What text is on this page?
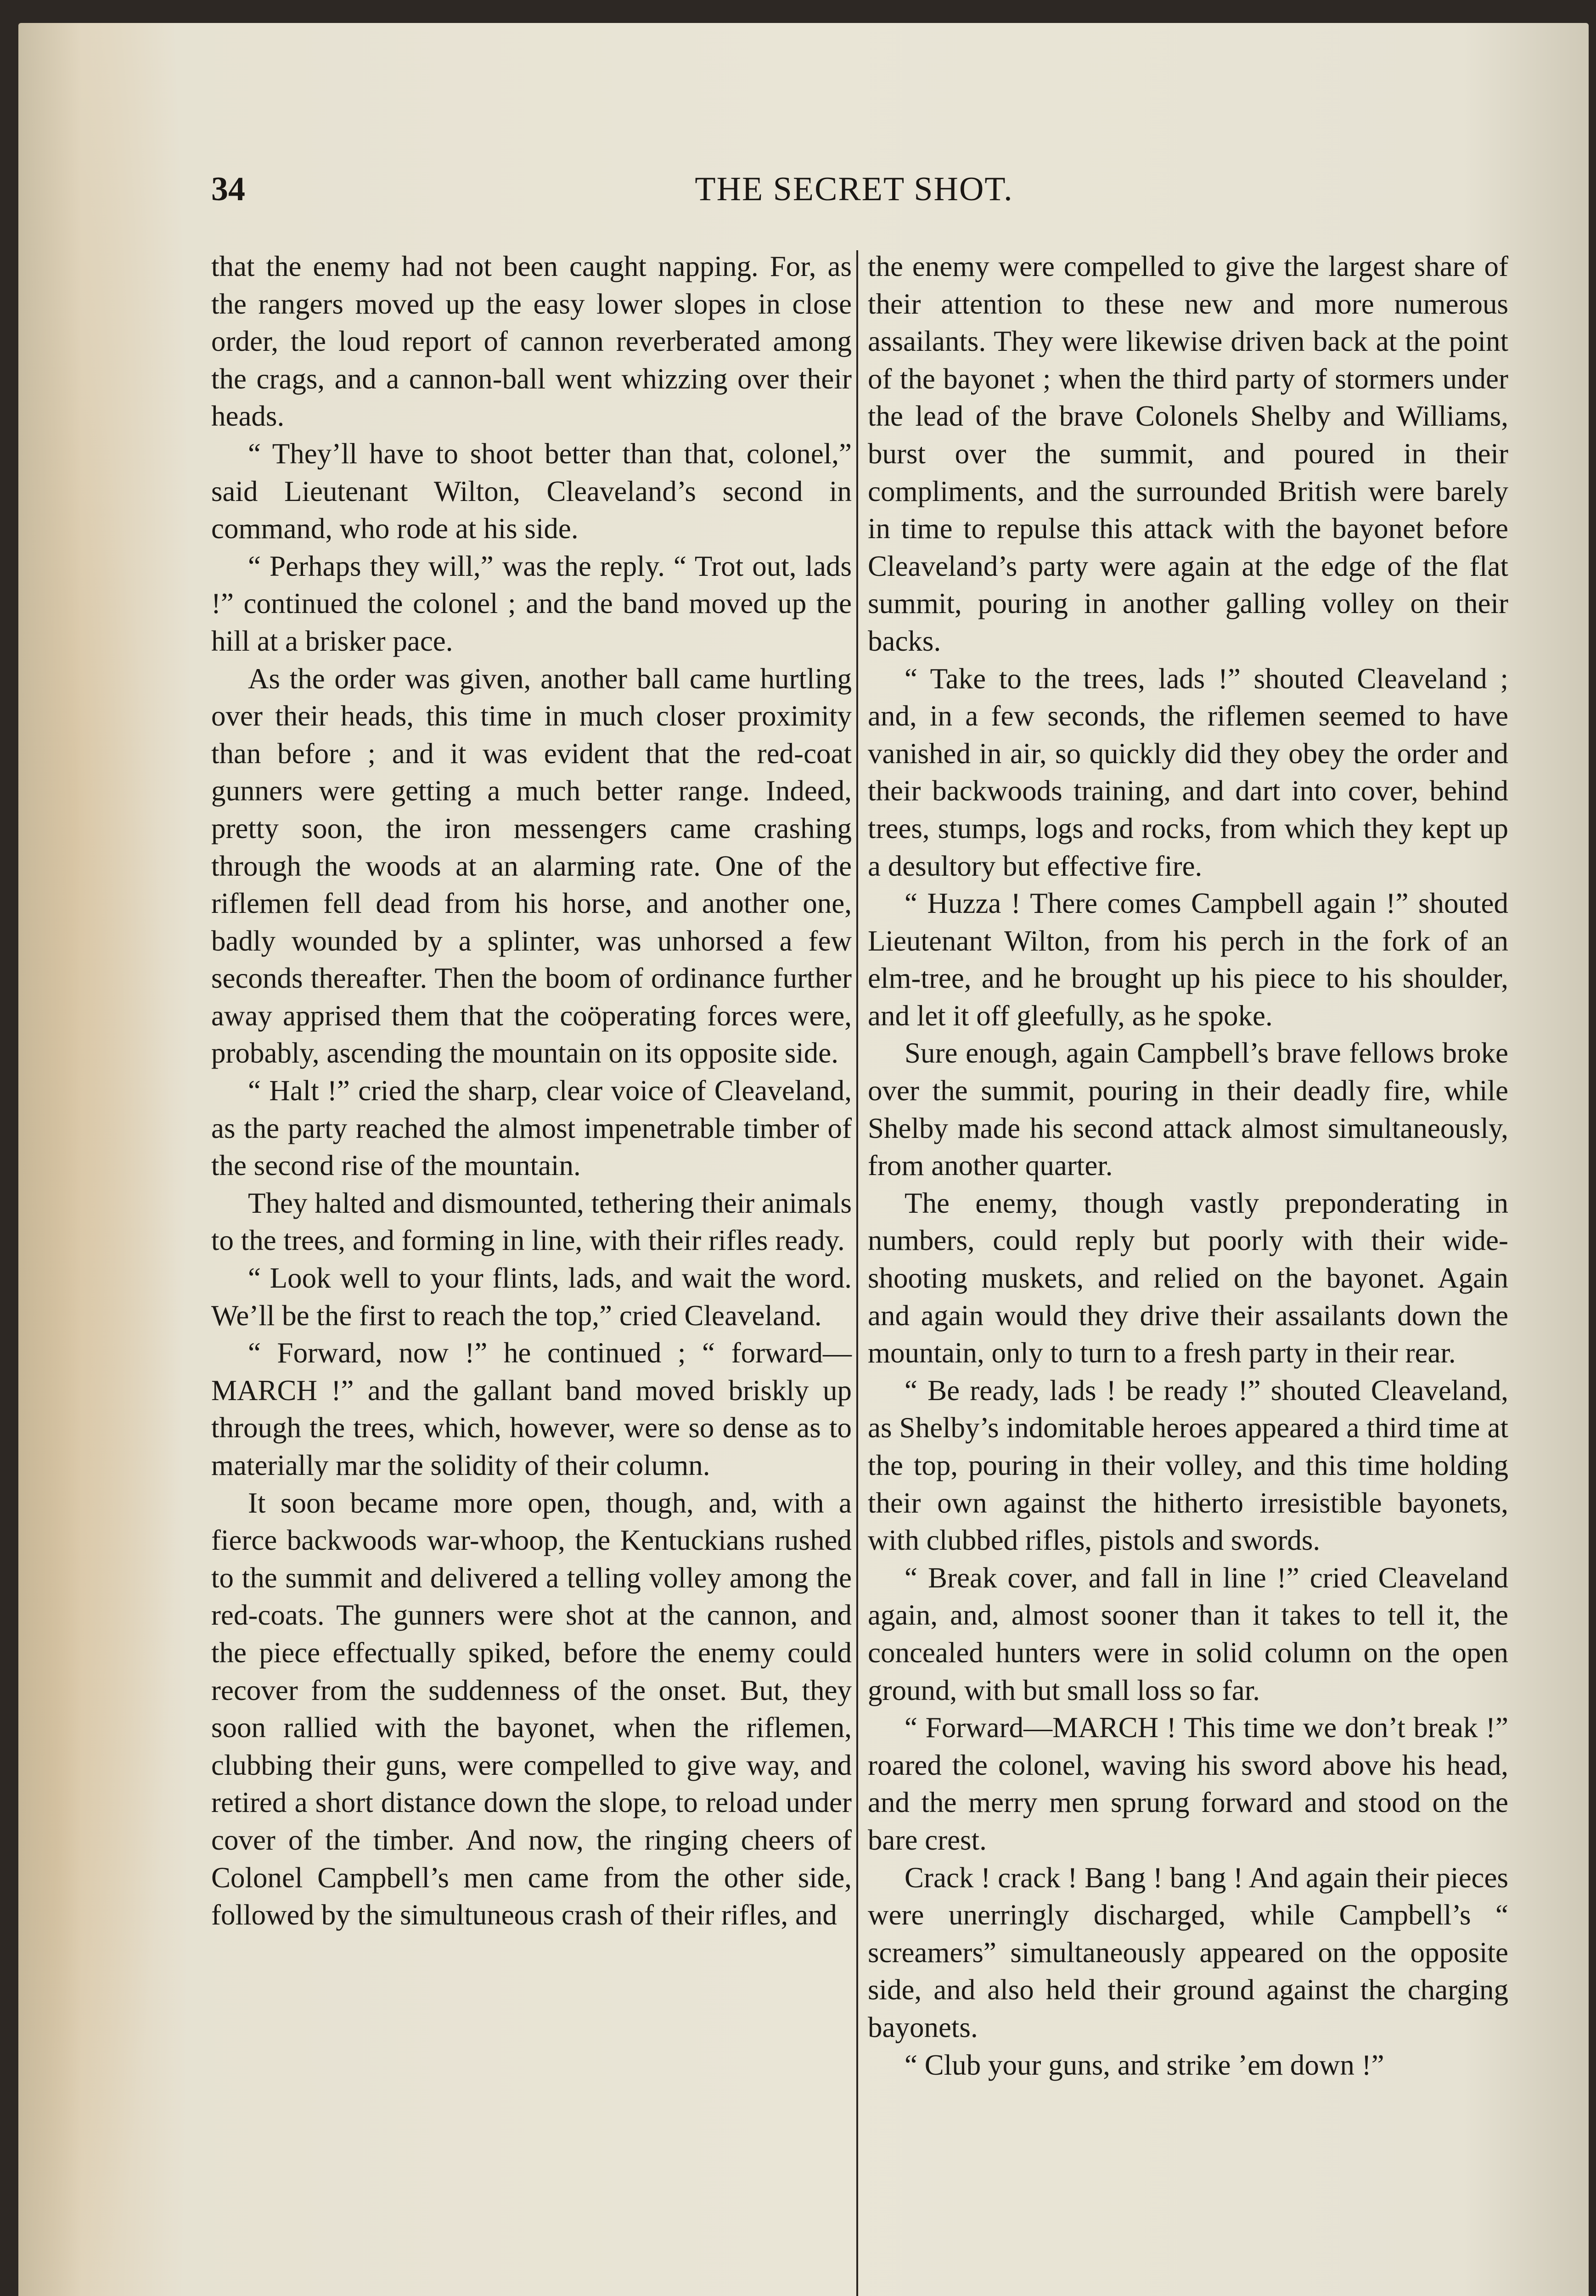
34	THE SECRET SHOT.

that the enemy had not been caught napping. For, as the rangers moved up the easy lower slopes in close order, the loud report of cannon reverberated among the crags, and a cannon-ball went whizzing over their heads.

“ They’ll have to shoot better than that, colonel,” said Lieutenant Wilton, Cleaveland’s second in command, who rode at his side.

“ Perhaps they will,” was the reply. “ Trot out, lads !” continued the colonel ; and the band moved up the hill at a brisker pace.

As the order was given, another ball came hurtling over their heads, this time in much closer proximity than before ; and it was evident that the red-coat gunners were getting a much better range. Indeed, pretty soon, the iron messengers came crashing through the woods at an alarming rate. One of the riflemen fell dead from his horse, and another one, badly wounded by a splinter, was unhorsed a few seconds thereafter. Then the boom of ordinance further away apprised them that the coöperating forces were, probably, ascending the mountain on its opposite side.

“ Halt !” cried the sharp, clear voice of Cleaveland, as the party reached the almost impenetrable timber of the second rise of the mountain.

They halted and dismounted, tethering their animals to the trees, and forming in line, with their rifles ready.

“ Look well to your flints, lads, and wait the word. We’ll be the first to reach the top,” cried Cleaveland.

“ Forward, now !” he continued ; “ forward—MARCH !” and the gallant band moved briskly up through the trees, which, however, were so dense as to materially mar the solidity of their column.

It soon became more open, though, and, with a fierce backwoods war-whoop, the Kentuckians rushed to the summit and delivered a telling volley among the red-coats. The gunners were shot at the cannon, and the piece effectually spiked, before the enemy could recover from the suddenness of the onset. But, they soon rallied with the bayonet, when the riflemen, clubbing their guns, were compelled to give way, and retired a short distance down the slope, to reload under cover of the timber. And now, the ringing cheers of Colonel Campbell’s men came from the other side, followed by the simultuneous crash of their rifles, and

the enemy were compelled to give the largest share of their attention to these new and more numerous assailants. They were likewise driven back at the point of the bayonet ; when the third party of stormers under the lead of the brave Colonels Shelby and Williams, burst over the summit, and poured in their compliments, and the surrounded British were barely in time to repulse this attack with the bayonet before Cleaveland’s party were again at the edge of the flat summit, pouring in another galling volley on their backs.

“ Take to the trees, lads !” shouted Cleaveland ; and, in a few seconds, the riflemen seemed to have vanished in air, so quickly did they obey the order and their backwoods training, and dart into cover, behind trees, stumps, logs and rocks, from which they kept up a desultory but effective fire.

“ Huzza ! There comes Campbell again !” shouted Lieutenant Wilton, from his perch in the fork of an elm-tree, and he brought up his piece to his shoulder, and let it off gleefully, as he spoke.

Sure enough, again Campbell’s brave fellows broke over the summit, pouring in their deadly fire, while Shelby made his second attack almost simultaneously, from another quarter.

The enemy, though vastly preponderating in numbers, could reply but poorly with their wide-shooting muskets, and relied on the bayonet. Again and again would they drive their assailants down the mountain, only to turn to a fresh party in their rear.

“ Be ready, lads ! be ready !” shouted Cleaveland, as Shelby’s indomitable heroes appeared a third time at the top, pouring in their volley, and this time holding their own against the hitherto irresistible bayonets, with clubbed rifles, pistols and swords.

“ Break cover, and fall in line !” cried Cleaveland again, and, almost sooner than it takes to tell it, the concealed hunters were in solid column on the open ground, with but small loss so far.

“ Forward—MARCH ! This time we don’t break !” roared the colonel, waving his sword above his head, and the merry men sprung forward and stood on the bare crest.

Crack ! crack ! Bang ! bang ! And again their pieces were unerringly discharged, while Campbell’s “ screamers” simultaneously appeared on the opposite side, and also held their ground against the charging bayonets.

“ Club your guns, and strike ’em down !”
